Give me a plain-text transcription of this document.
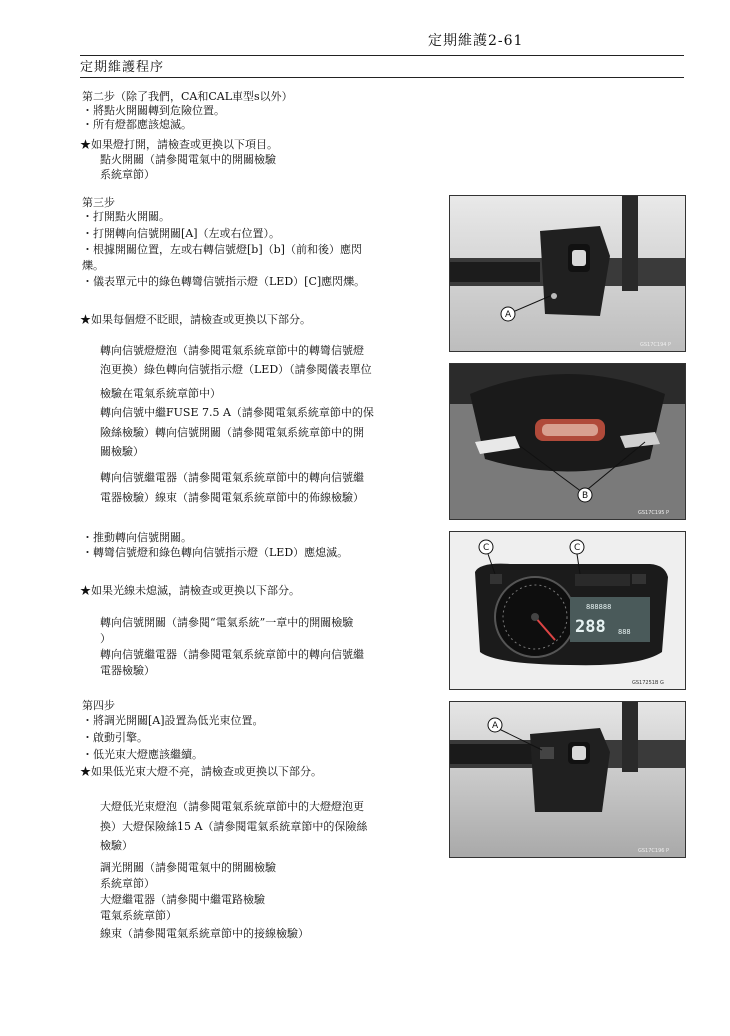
定期維護2-61
定期維護程序
第二步（除了我們，CA和CAL車型s以外）
・將點火開關轉到危險位置。
・所有燈都應該熄滅。
★如果燈打開，請檢查或更換以下項目。
點火開關（請參閱電氣中的開關檢驗
系統章節）
第三步
・打開點火開關。
・打開轉向信號開關[A]（左或右位置）。
・根據開關位置，左或右轉信號燈[b]（b]（前和後）應閃
爍。
・儀表單元中的綠色轉彎信號指示燈（LED）[C]應閃爍。
★如果每個燈不眨眼，請檢查或更換以下部分。
轉向信號燈燈泡（請參閱電氣系統章節中的轉彎信號燈
泡更換）綠色轉向信號指示燈（LED）（請參閱儀表單位
檢驗在電氣系統章節中）
轉向信號中繼FUSE 7.5 A（請參閱電氣系統章節中的保
險絲檢驗）轉向信號開關（請參閱電氣系統章節中的開
關檢驗）
轉向信號繼電器（請參閱電氣系統章節中的轉向信號繼
電器檢驗）線束（請參閱電氣系統章節中的佈線檢驗）
・推動轉向信號開關。
・轉彎信號燈和綠色轉向信號指示燈（LED）應熄滅。
★如果光線未熄滅，請檢查或更換以下部分。
轉向信號開關（請參閱“電氣系統”一章中的開關檢驗
）
轉向信號繼電器（請參閱電氣系統章節中的轉向信號繼
電器檢驗）
第四步
・將調光開關[A]設置為低光束位置。
・啟動引擎。
・低光束大燈應該繼續。
★如果低光束大燈不亮，請檢查或更換以下部分。
大燈低光束燈泡（請參閱電氣系統章節中的大燈燈泡更
換）大燈保險絲15 A（請參閱電氣系統章節中的保險絲
檢驗）
調光開關（請參閱電氣中的開關檢驗
系統章節）
大燈繼電器（請參閱中繼電路檢驗
電氣系統章節）
線束（請參閱電氣系統章節中的接線檢驗）
A
GS17C194 P
B
GS17C195 P
888888
288 888
C	C
GS17251B G
A
GS17C196 P
